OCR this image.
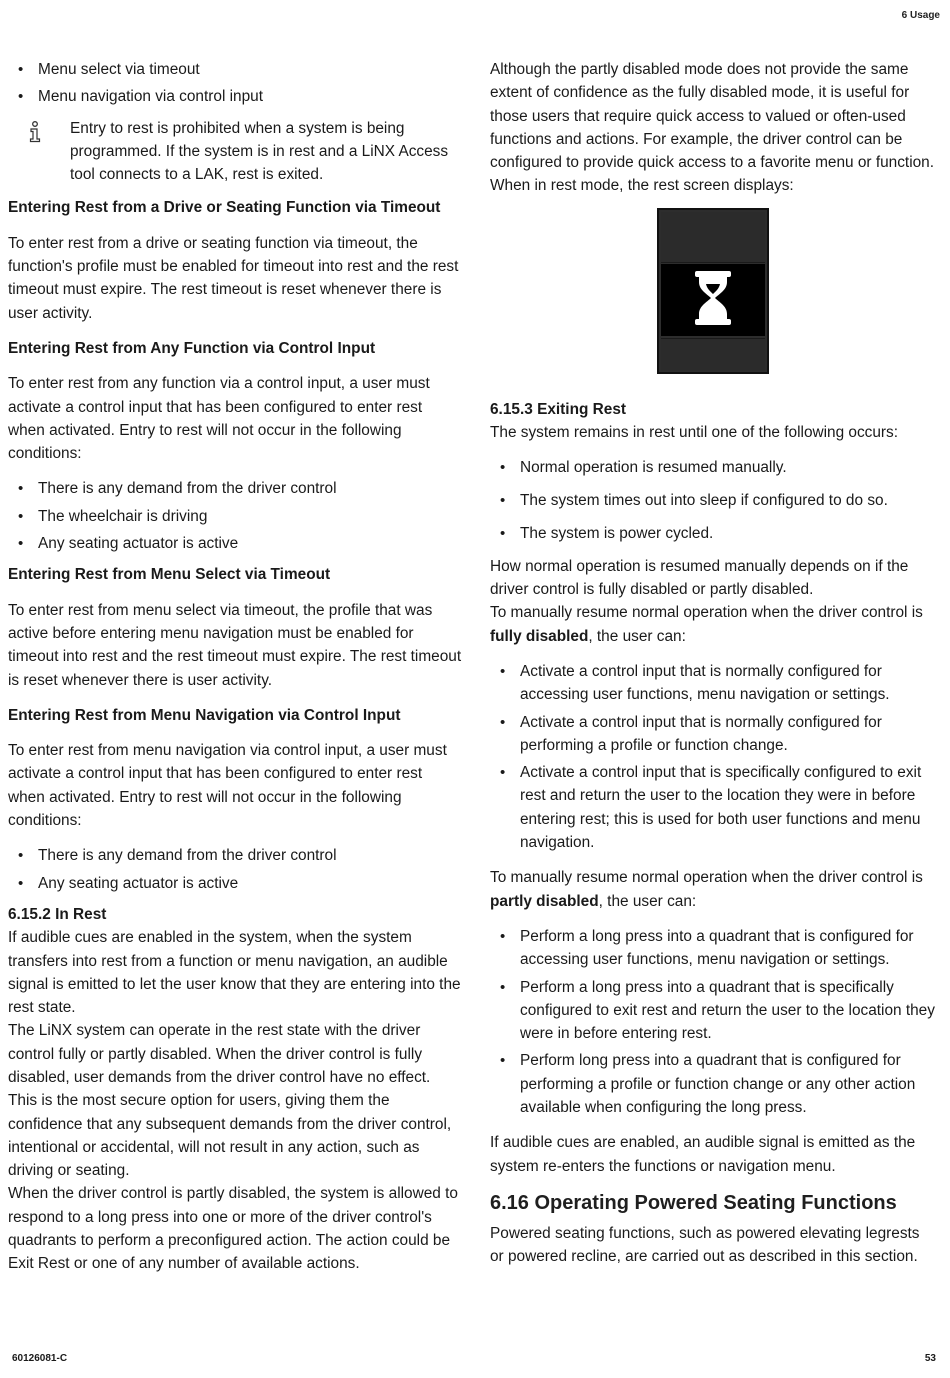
6 Usage
• Menu select via timeout
• Menu navigation via control input

Entry to rest is prohibited when a system is being programmed. If the system is in rest and a LiNX Access tool connects to a LAK, rest is exited.

Entering Rest from a Drive or Seating Function via Timeout

To enter rest from a drive or seating function via timeout, the function's profile must be enabled for timeout into rest and the rest timeout must expire. The rest timeout is reset whenever there is user activity.

Entering Rest from Any Function via Control Input

To enter rest from any function via a control input, a user must activate a control input that has been configured to enter rest when activated. Entry to rest will not occur in the following conditions:

• There is any demand from the driver control
• The wheelchair is driving
• Any seating actuator is active

Entering Rest from Menu Select via Timeout

To enter rest from menu select via timeout, the profile that was active before entering menu navigation must be enabled for timeout into rest and the rest timeout must expire. The rest timeout is reset whenever there is user activity.

Entering Rest from Menu Navigation via Control Input

To enter rest from menu navigation via control input, a user must activate a control input that has been configured to enter rest when activated. Entry to rest will not occur in the following conditions:

• There is any demand from the driver control
• Any seating actuator is active

6.15.2 In Rest

If audible cues are enabled in the system, when the system transfers into rest from a function or menu navigation, an audible signal is emitted to let the user know that they are entering into the rest state.

The LiNX system can operate in the rest state with the driver control fully or partly disabled. When the driver control is fully disabled, user demands from the driver control have no effect. This is the most secure option for users, giving them the confidence that any subsequent demands from the driver control, intentional or accidental, will not result in any action, such as driving or seating.

When the driver control is partly disabled, the system is allowed to respond to a long press into one or more of the driver control's quadrants to perform a preconfigured action. The action could be Exit Rest or one of any number of available actions.

Although the partly disabled mode does not provide the same extent of confidence as the fully disabled mode, it is useful for those users that require quick access to valued or often-used functions and actions. For example, the driver control can be configured to provide quick access to a favorite menu or function.

When in rest mode, the rest screen displays:

6.15.3 Exiting Rest

The system remains in rest until one of the following occurs:

• Normal operation is resumed manually.
• The system times out into sleep if configured to do so.
• The system is power cycled.

How normal operation is resumed manually depends on if the driver control is fully disabled or partly disabled.

To manually resume normal operation when the driver control is fully disabled, the user can:

• Activate a control input that is normally configured for accessing user functions, menu navigation or settings.
• Activate a control input that is normally configured for performing a profile or function change.
• Activate a control input that is specifically configured to exit rest and return the user to the location they were in before entering rest; this is used for both user functions and menu navigation.

To manually resume normal operation when the driver control is partly disabled, the user can:

• Perform a long press into a quadrant that is configured for accessing user functions, menu navigation or settings.
• Perform a long press into a quadrant that is specifically configured to exit rest and return the user to the location they were in before entering rest.
• Perform long press into a quadrant that is configured for performing a profile or function change or any other action available when configuring the long press.

If audible cues are enabled, an audible signal is emitted as the system re-enters the functions or navigation menu.

6.16 Operating Powered Seating Functions

Powered seating functions, such as powered elevating legrests or powered recline, are carried out as described in this section.

60126081-C	53
